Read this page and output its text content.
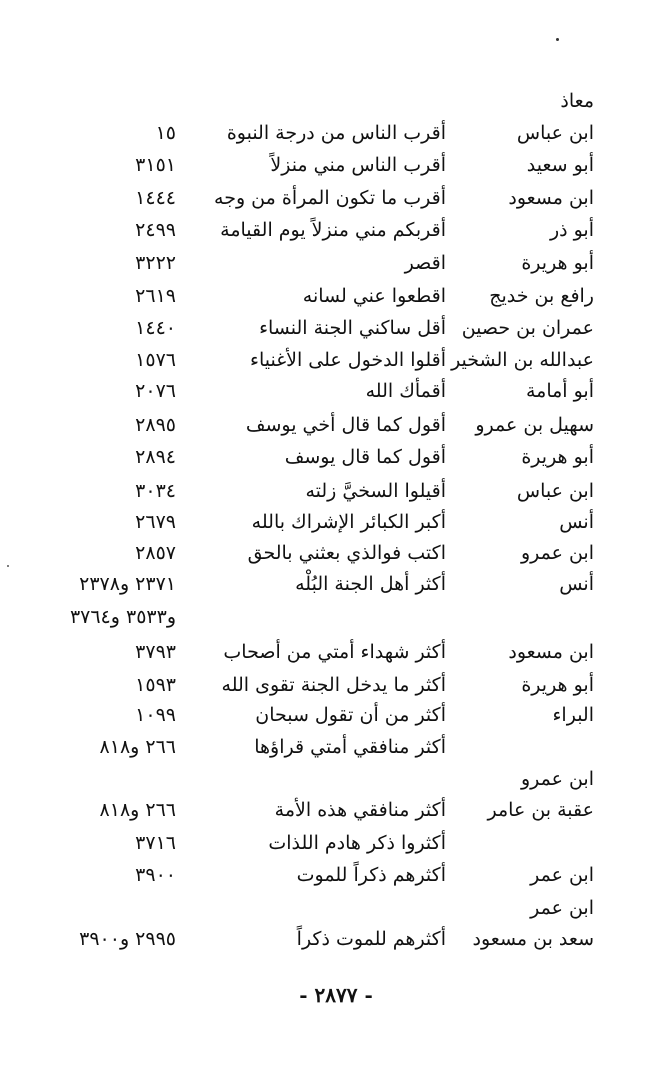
معاذ
ابن عباس
أقرب الناس من درجة النبوة
١٥
أبو سعيد
أقرب الناس مني منزلاً
٣١٥١
ابن مسعود
أقرب ما تكون المرأة من وجه
١٤٤٤
أبو ذر
أقربكم مني منزلاً يوم القيامة
٢٤٩٩
أبو هريرة
اقصر
٣٢٢٢
رافع بن خديج
اقطعوا عني لسانه
٢٦١٩
عمران بن حصين
أقل ساكني الجنة النساء
١٤٤٠
عبدالله بن الشخير
أقلوا الدخول على الأغنياء
١٥٧٦
أبو أمامة
أقمأك الله
٢٠٧٦
سهيل بن عمرو
أقول كما قال أخي يوسف
٢٨٩٥
أبو هريرة
أقول كما قال يوسف
٢٨٩٤
ابن عباس
أقيلوا السخيَّ زلته
٣٠٣٤
أنس
أكبر الكبائر الإشراك بالله
٢٦٧٩
ابن عمرو
اكتب فوالذي بعثني بالحق
٢٨٥٧
أنس
أكثر أهل الجنة البُلْه
٢٣٧١ و٢٣٧٨
و٣٥٣٣ و٣٧٦٤
ابن مسعود
أكثر شهداء أمتي من أصحاب
٣٧٩٣
أبو هريرة
أكثر ما يدخل الجنة تقوى الله
١٥٩٣
البراء
أكثر من أن تقول سبحان
١٠٩٩
أكثر منافقي أمتي قراؤها
٢٦٦ و٨١٨
ابن عمرو
عقبة بن عامر
أكثر منافقي هذه الأمة
٢٦٦ و٨١٨
أكثروا ذكر هادم اللذات
٣٧١٦
ابن عمر
أكثرهم ذكراً للموت
٣٩٠٠
ابن عمر
سعد بن مسعود
أكثرهم للموت ذكراً
٢٩٩٥ و٣٩٠٠
- ٢٨٧٧ -
